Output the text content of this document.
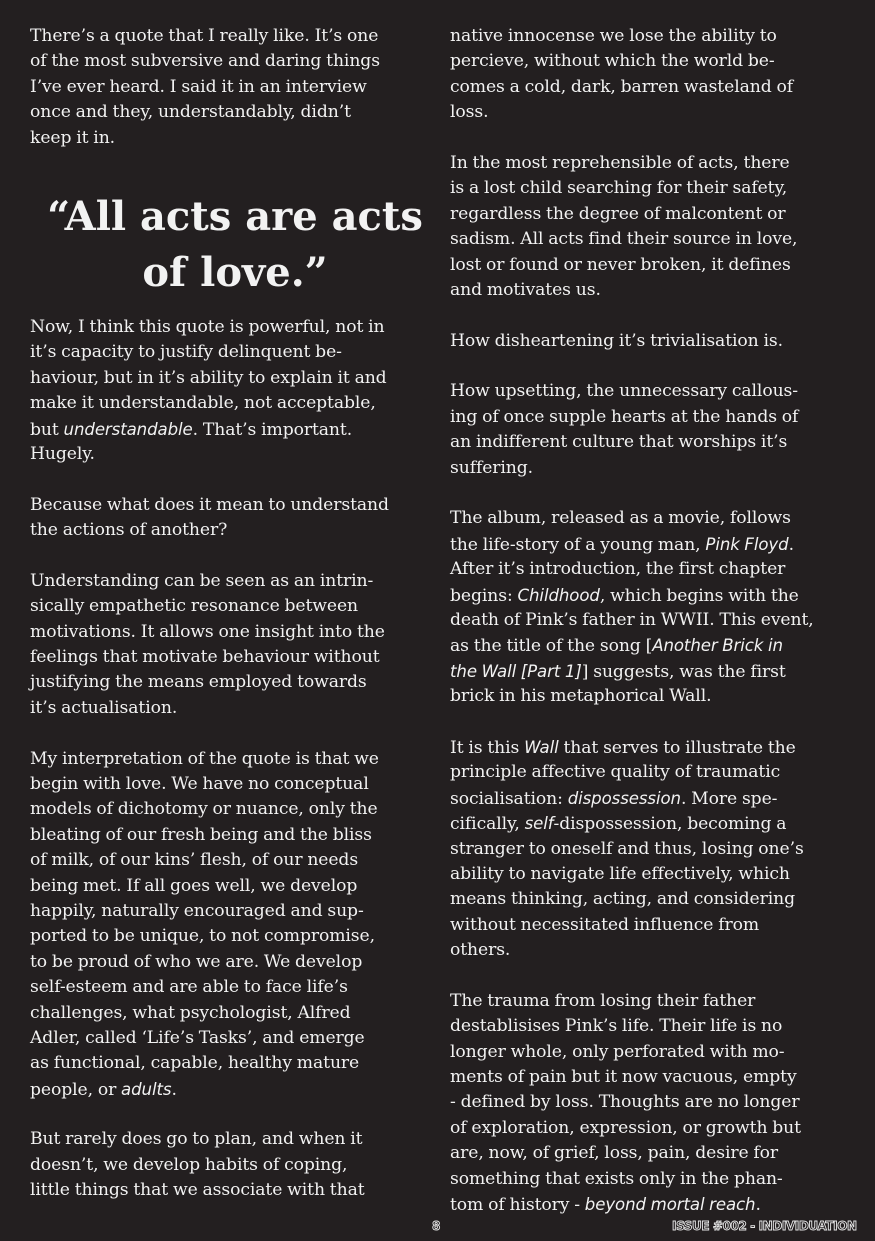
There’s a quote that I really like. It’s one
of the most subversive and daring things
I’ve ever heard. I said it in an interview
once and they, understandably, didn’t
keep it in.
“All acts are acts
of love.”
Now, I think this quote is powerful, not in
it’s capacity to justify delinquent be-
haviour, but in it’s ability to explain it and
make it understandable, not acceptable,
but understandable. That’s important.
Hugely.
Because what does it mean to understand
the actions of another?
Understanding can be seen as an intrin-
sically empathetic resonance between
motivations. It allows one insight into the
feelings that motivate behaviour without
justifying the means employed towards
it’s actualisation.
My interpretation of the quote is that we
begin with love. We have no conceptual
models of dichotomy or nuance, only the
bleating of our fresh being and the bliss
of milk, of our kins’ flesh, of our needs
being met. If all goes well, we develop
happily, naturally encouraged and sup-
ported to be unique, to not compromise,
to be proud of who we are. We develop
self-esteem and are able to face life’s
challenges, what psychologist, Alfred
Adler, called ‘Life’s Tasks’, and emerge
as functional, capable, healthy mature
people, or adults.
But rarely does go to plan, and when it
doesn’t, we develop habits of coping,
little things that we associate with that
native innocense we lose the ability to
percieve, without which the world be-
comes a cold, dark, barren wasteland of
loss.
In the most reprehensible of acts, there
is a lost child searching for their safety,
regardless the degree of malcontent or
sadism. All acts find their source in love,
lost or found or never broken, it defines
and motivates us.
How disheartening it’s trivialisation is.
How upsetting, the unnecessary callous-
ing of once supple hearts at the hands of
an indifferent culture that worships it’s
suffering.
The album, released as a movie, follows
the life-story of a young man, Pink Floyd.
After it’s introduction, the first chapter
begins: Childhood, which begins with the
death of Pink’s father in WWII. This event,
as the title of the song [Another Brick in
the Wall [Part 1]] suggests, was the first
brick in his metaphorical Wall.
It is this Wall that serves to illustrate the
principle affective quality of traumatic
socialisation: dispossession. More spe-
cifically, self-dispossession, becoming a
stranger to oneself and thus, losing one’s
ability to navigate life effectively, which
means thinking, acting, and considering
without necessitated influence from
others.
The trauma from losing their father
destablisises Pink’s life. Their life is no
longer whole, only perforated with mo-
ments of pain but it now vacuous, empty
- defined by loss. Thoughts are no longer
of exploration, expression, or growth but
are, now, of grief, loss, pain, desire for
something that exists only in the phan-
tom of history - beyond mortal reach.
8	ISSUE #002 - INDIVIDUATION
